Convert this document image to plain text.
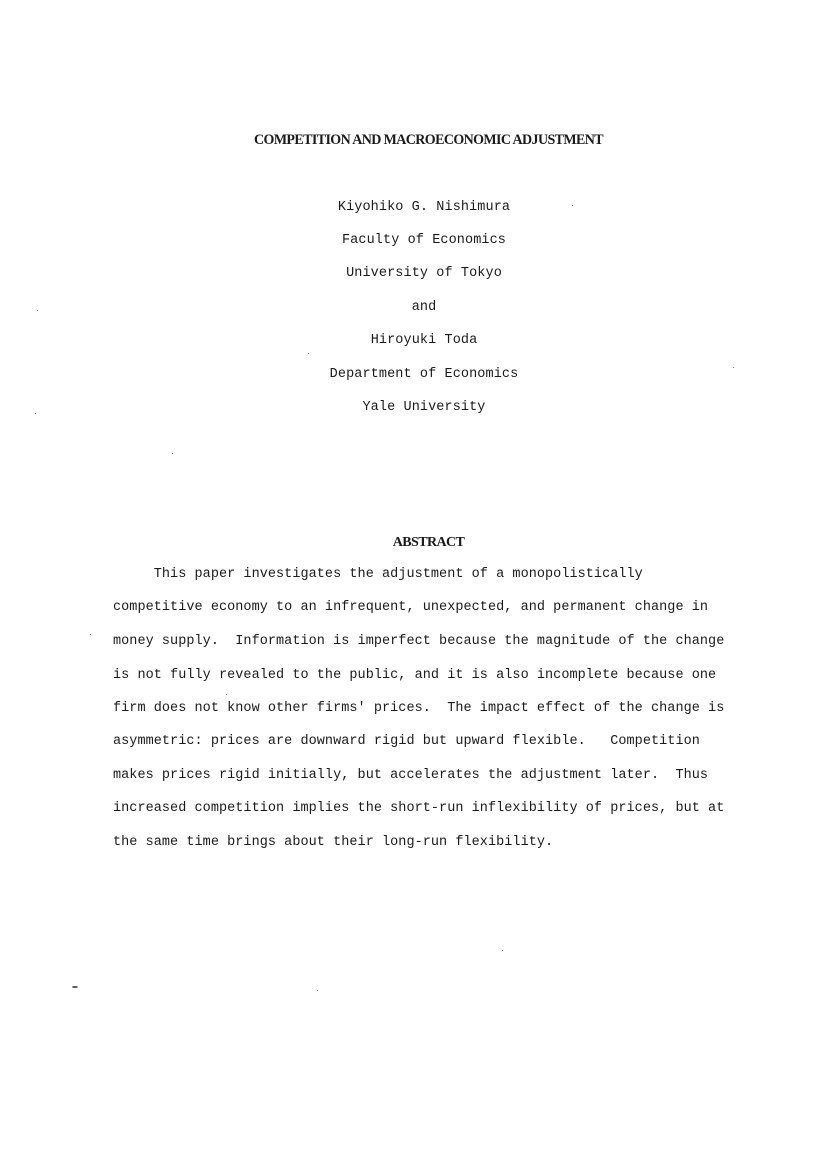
COMPETITION AND MACROECONOMIC ADJUSTMENT
Kiyohiko G. Nishimura
Faculty of Economics
University of Tokyo
and
Hiroyuki Toda
Department of Economics
Yale University
ABSTRACT
This paper investigates the adjustment of a monopolistically
competitive economy to an infrequent, unexpected, and permanent change in
money supply.  Information is imperfect because the magnitude of the change
is not fully revealed to the public, and it is also incomplete because one
firm does not know other firms' prices.  The impact effect of the change is
asymmetric: prices are downward rigid but upward flexible.   Competition
makes prices rigid initially, but accelerates the adjustment later.  Thus
increased competition implies the short-run inflexibility of prices, but at
the same time brings about their long-run flexibility.
